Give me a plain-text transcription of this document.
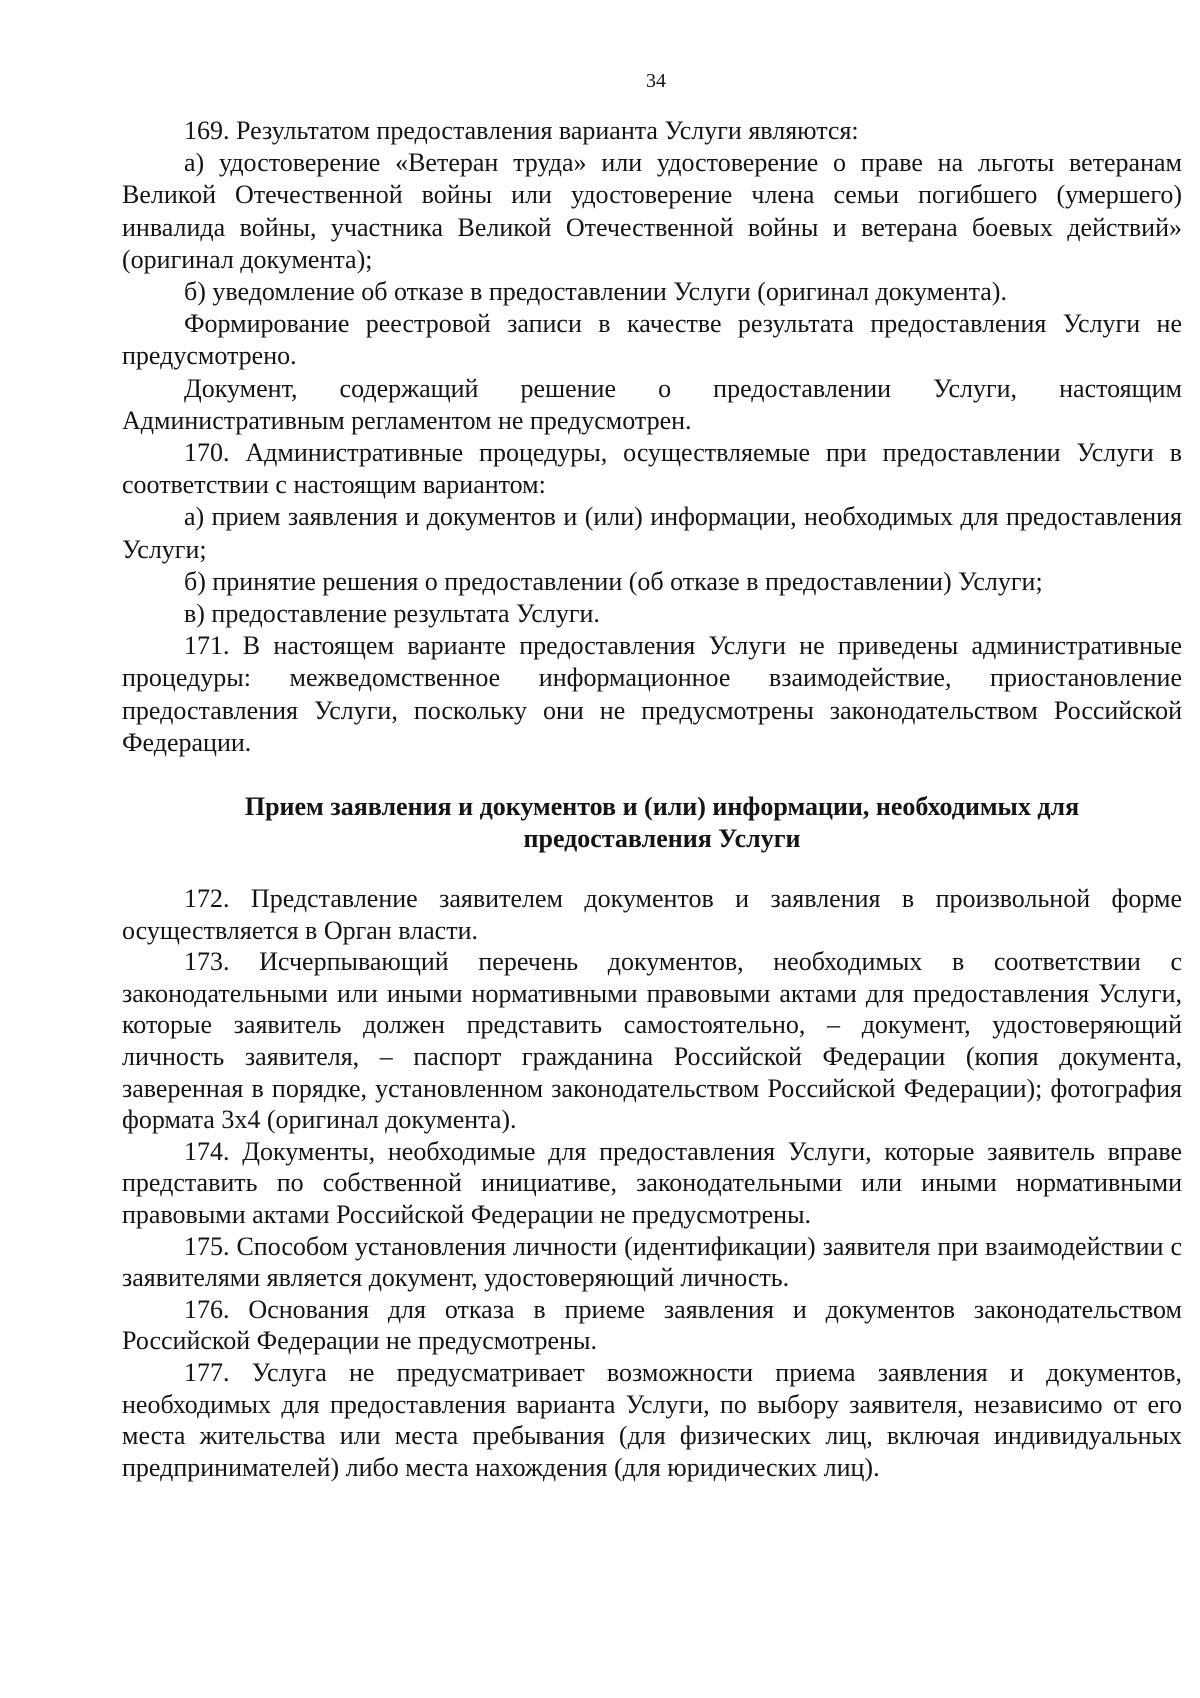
34

169. Результатом предоставления варианта Услуги являются:

а) удостоверение «Ветеран труда» или удостоверение о праве на льготы ветеранам Великой Отечественной войны или удостоверение члена семьи погибшего (умершего) инвалида войны, участника Великой Отечественной войны и ветерана боевых действий» (оригинал документа);

б) уведомление об отказе в предоставлении Услуги (оригинал документа).

Формирование реестровой записи в качестве результата предоставления Услуги не предусмотрено.

Документ, содержащий решение о предоставлении Услуги, настоящим Административным регламентом не предусмотрен.

170. Административные процедуры, осуществляемые при предоставлении Услуги в соответствии с настоящим вариантом:

а) прием заявления и документов и (или) информации, необходимых для предоставления Услуги;

б) принятие решения о предоставлении (об отказе в предоставлении) Услуги;

в) предоставление результата Услуги.

171. В настоящем варианте предоставления Услуги не приведены административные процедуры: межведомственное информационное взаимодействие, приостановление предоставления Услуги, поскольку они не предусмотрены законодательством Российской Федерации.

Прием заявления и документов и (или) информации, необходимых для предоставления Услуги

172. Представление заявителем документов и заявления в произвольной форме осуществляется в Орган власти.

173. Исчерпывающий перечень документов, необходимых в соответствии с законодательными или иными нормативными правовыми актами для предоставления Услуги, которые заявитель должен представить самостоятельно, – документ, удостоверяющий личность заявителя, – паспорт гражданина Российской Федерации (копия документа, заверенная в порядке, установленном законодательством Российской Федерации); фотография формата 3х4 (оригинал документа).

174. Документы, необходимые для предоставления Услуги, которые заявитель вправе представить по собственной инициативе, законодательными или иными нормативными правовыми актами Российской Федерации не предусмотрены.

175. Способом установления личности (идентификации) заявителя при взаимодействии с заявителями является документ, удостоверяющий личность.

176. Основания для отказа в приеме заявления и документов законодательством Российской Федерации не предусмотрены.

177. Услуга не предусматривает возможности приема заявления и документов, необходимых для предоставления варианта Услуги, по выбору заявителя, независимо от его места жительства или места пребывания (для физических лиц, включая индивидуальных предпринимателей) либо места нахождения (для юридических лиц).
